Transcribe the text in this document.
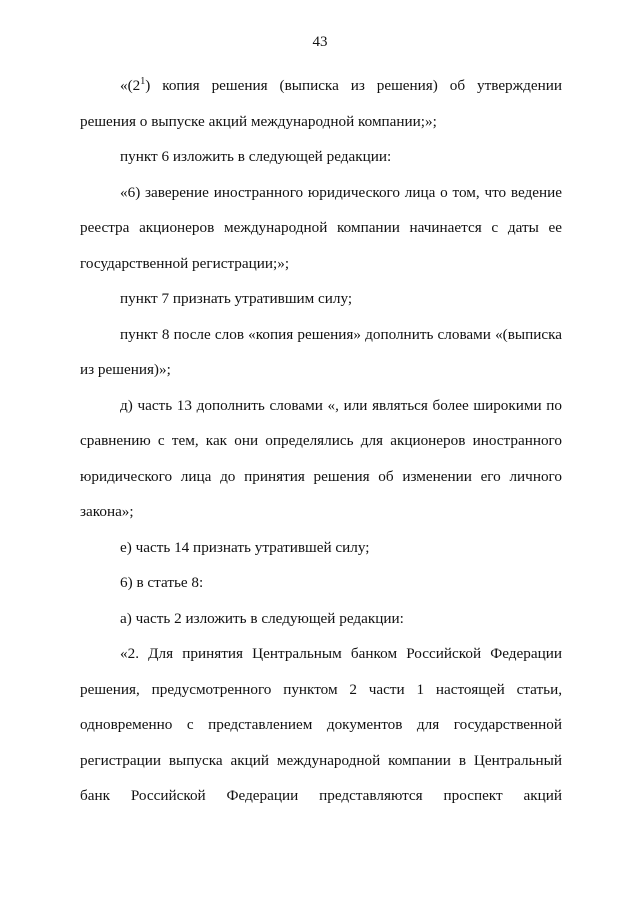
43

«$(2^1)$ копия решения (выписка из решения) об утверждении решения о выпуске акций международной компании;»;

пункт 6 изложить в следующей редакции:

«6) заверение иностранного юридического лица о том, что ведение реестра акционеров международной компании начинается с даты ее государственной регистрации;»;

пункт 7 признать утратившим силу;

пункт 8 после слов «копия решения» дополнить словами «(выписка из решения)»;

д) часть 13 дополнить словами «, или являться более широкими по сравнению с тем, как они определялись для акционеров иностранного юридического лица до принятия решения об изменении его личного закона»;

е) часть 14 признать утратившей силу;

6) в статье 8:

а) часть 2 изложить в следующей редакции:

«2. Для принятия Центральным банком Российской Федерации решения, предусмотренного пунктом 2 части 1 настоящей статьи, одновременно с представлением документов для государственной регистрации выпуска акций международной компании в Центральный банк Российской Федерации представляются проспект акций
